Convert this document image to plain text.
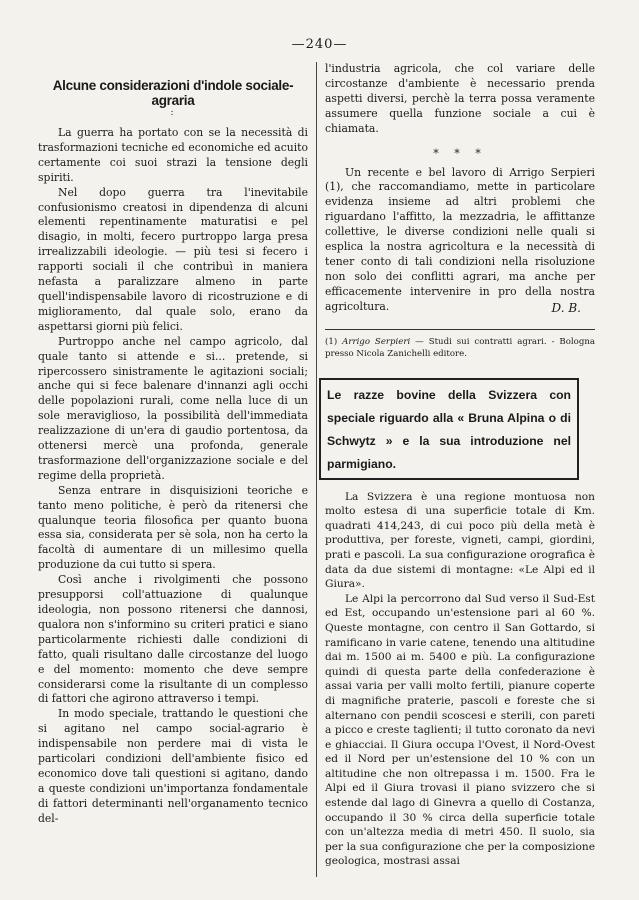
—240—
Alcune considerazioni d'indole sociale-agraria
:

La guerra ha portato con se la necessità di trasformazioni tecniche ed economiche ed acuito certamente coi suoi strazi la tensione degli spiriti.

Nel dopo guerra tra l'inevitabile confusionismo creatosi in dipendenza di alcuni elementi repentinamente maturatisi e pel disagio, in molti, fecero purtroppo larga presa irrealizzabili ideologie. — più tesi si fecero i rapporti sociali il che contribuì in maniera nefasta a paralizzare almeno in parte quell'indispensabile lavoro di ricostruzione e di miglioramento, dal quale solo, erano da aspettarsi giorni più felici.

Purtroppo anche nel campo agricolo, dal quale tanto si attende e si... pretende, si ripercossero sinistramente le agitazioni sociali; anche qui si fece balenare d'innanzi agli occhi delle popolazioni rurali, come nella luce di un sole meraviglioso, la possibilità dell'immediata realizzazione di un'era di gaudio portentosa, da ottenersi mercè una profonda, generale trasformazione dell'organizzazione sociale e del regime della proprietà.

Senza entrare in disquisizioni teoriche e tanto meno politiche, è però da ritenersi che qualunque teoria filosofica per quanto buona essa sia, considerata per sè sola, non ha certo la facoltà di aumentare di un millesimo quella produzione da cui tutto si spera.

Così anche i rivolgimenti che possono presupporsi coll'attuazione di qualunque ideologia, non possono ritenersi che dannosi, qualora non s'informino su criteri pratici e siano particolarmente richiesti dalle condizioni di fatto, quali risultano dalle circostanze del luogo e del momento: momento che deve sempre considerarsi come la risultante di un complesso di fattori che agirono attraverso i tempi.

In modo speciale, trattando le questioni che si agitano nel campo social-agrario è indispensabile non perdere mai di vista le particolari condizioni dell'ambiente fisico ed economico dove tali questioni si agitano, dando a queste condizioni un'importanza fondamentale di fattori determinanti nell'organamento tecnico del-

l'industria agricola, che col variare delle circostanze d'ambiente è necessario prenda aspetti diversi, perchè la terra possa veramente assumere quella funzione sociale a cui è chiamata.

* * *

Un recente e bel lavoro di Arrigo Serpieri (1), che raccomandiamo, mette in particolare evidenza insieme ad altri problemi che riguardano l'affitto, la mezzadria, le affittanze collettive, le diverse condizioni nelle quali si esplica la nostra agricoltura e la necessità di tener conto di tali condizioni nella risoluzione non solo dei conflitti agrari, ma anche per efficacemente intervenire in pro della nostra agricoltura.	D. B.

(1) Arrigo Serpieri — Studi sui contratti agrari. - Bologna presso Nicola Zanichelli editore.

Le razze bovine della Svizzera con speciale riguardo alla « Bruna Alpina o di Schwytz » e la sua introduzione nel parmigiano.

La Svizzera è una regione montuosa non molto estesa di una superficie totale di Km. quadrati 414,243, di cui poco più della metà è produttiva, per foreste, vigneti, campi, giordini, prati e pascoli. La sua configurazione orografica è data da due sistemi di montagne: «Le Alpi ed il Giura».

Le Alpi la percorrono dal Sud verso il Sud-Est ed Est, occupando un'estensione pari al 60 %. Queste montagne, con centro il San Gottardo, si ramificano in varie catene, tenendo una altitudine dai m. 1500 ai m. 5400 e più. La configurazione quindi di questa parte della confederazione è assai varia per valli molto fertili, pianure coperte di magnifiche praterie, pascoli e foreste che si alternano con pendii scoscesi e sterili, con pareti a picco e creste taglienti; il tutto coronato da nevi e ghiacciai. Il Giura occupa l'Ovest, il Nord-Ovest ed il Nord per un'estensione del 10 % con un altitudine che non oltrepassa i m. 1500. Fra le Alpi ed il Giura trovasi il piano svizzero che si estende dal lago di Ginevra a quello di Costanza, occupando il 30 % circa della superficie totale con un'altezza media di metri 450. Il suolo, sia per la sua configurazione che per la composizione geologica, mostrasi assai
